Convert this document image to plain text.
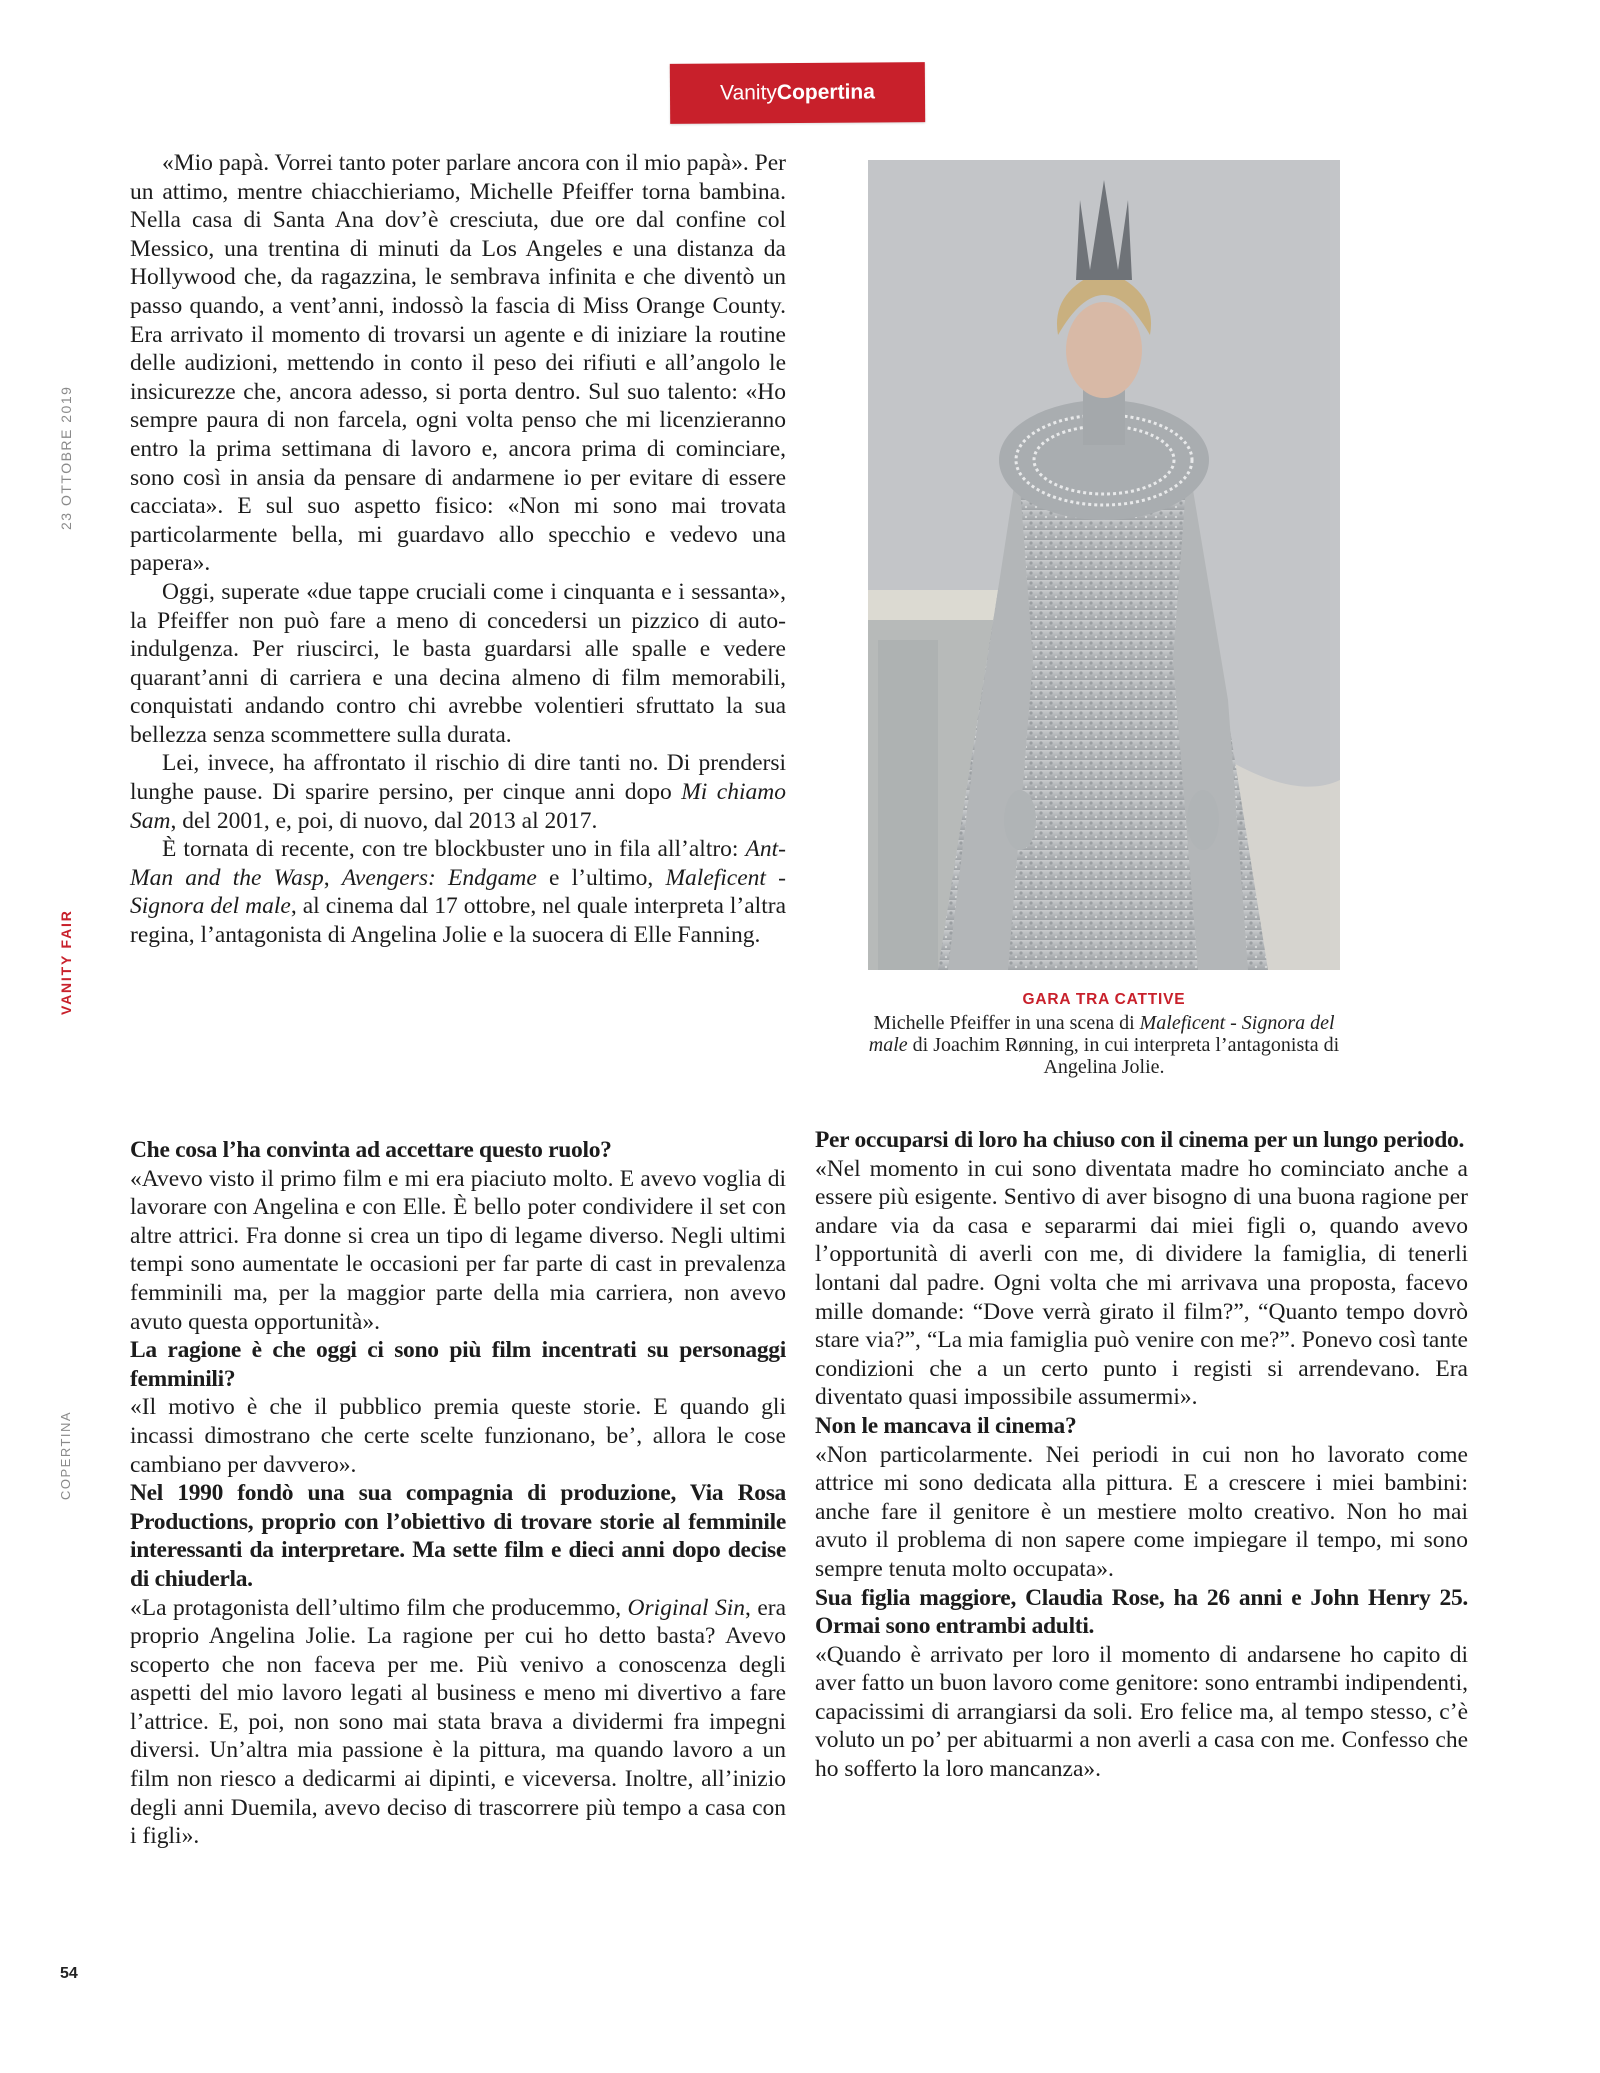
Vanity Copertina
23 OTTOBRE 2019
VANITY FAIR
COPERTINA

«Mio papà. Vorrei tanto poter parlare ancora con il mio papà». Per un attimo, mentre chiacchieriamo, Michelle Pfeiffer torna bambina. Nella casa di Santa Ana dov’è cresciuta, due ore dal confine col Messico, una trentina di minuti da Los Angeles e una distanza da Hollywood che, da ragazzina, le sembrava infinita e che diventò un passo quando, a vent’anni, indossò la fascia di Miss Orange County. Era arrivato il momento di trovarsi un agente e di iniziare la routine delle audizioni, mettendo in conto il peso dei rifiuti e all’angolo le insicurezze che, ancora adesso, si porta dentro. Sul suo talento: «Ho sempre paura di non farcela, ogni volta penso che mi licenzieranno entro la prima settimana di lavoro e, ancora prima di cominciare, sono così in ansia da pensare di andarmene io per evitare di essere cacciata». E sul suo aspetto fisico: «Non mi sono mai trovata particolarmente bella, mi guardavo allo specchio e vedevo una papera».

Oggi, superate «due tappe cruciali come i cinquanta e i sessanta», la Pfeiffer non può fare a meno di concedersi un pizzico di auto-indulgenza. Per riuscirci, le basta guardarsi alle spalle e vedere quarant’anni di carriera e una decina almeno di film memorabili, conquistati andando contro chi avrebbe volentieri sfruttato la sua bellezza senza scommettere sulla durata.

Lei, invece, ha affrontato il rischio di dire tanti no. Di prendersi lunghe pause. Di sparire persino, per cinque anni dopo Mi chiamo Sam, del 2001, e, poi, di nuovo, dal 2013 al 2017.

È tornata di recente, con tre blockbuster uno in fila all’altro: Ant-Man and the Wasp, Avengers: Endgame e l’ultimo, Maleficent - Signora del male, al cinema dal 17 ottobre, nel quale interpreta l’altra regina, l’antagonista di Angelina Jolie e la suocera di Elle Fanning.

GARA TRA CATTIVE
Michelle Pfeiffer in una scena di Maleficent - Signora del male di Joachim Rønning, in cui interpreta l’antagonista di Angelina Jolie.

Che cosa l’ha convinta ad accettare questo ruolo?

«Avevo visto il primo film e mi era piaciuto molto. E avevo voglia di lavorare con Angelina e con Elle. È bello poter condividere il set con altre attrici. Fra donne si crea un tipo di legame diverso. Negli ultimi tempi sono aumentate le occasioni per far parte di cast in prevalenza femminili ma, per la maggior parte della mia carriera, non avevo avuto questa opportunità».

La ragione è che oggi ci sono più film incentrati su personaggi femminili?

«Il motivo è che il pubblico premia queste storie. E quando gli incassi dimostrano che certe scelte funzionano, be’, allora le cose cambiano per davvero».

Nel 1990 fondò una sua compagnia di produzione, Via Rosa Productions, proprio con l’obiettivo di trovare storie al femminile interessanti da interpretare. Ma sette film e dieci anni dopo decise di chiuderla.

«La protagonista dell’ultimo film che producemmo, Original Sin, era proprio Angelina Jolie. La ragione per cui ho detto basta? Avevo scoperto che non faceva per me. Più venivo a conoscenza degli aspetti del mio lavoro legati al business e meno mi divertivo a fare l’attrice. E, poi, non sono mai stata brava a dividermi fra impegni diversi. Un’altra mia passione è la pittura, ma quando lavoro a un film non riesco a dedicarmi ai dipinti, e viceversa. Inoltre, all’inizio degli anni Duemila, avevo deciso di trascorrere più tempo a casa con i figli».

Per occuparsi di loro ha chiuso con il cinema per un lungo periodo.

«Nel momento in cui sono diventata madre ho cominciato anche a essere più esigente. Sentivo di aver bisogno di una buona ragione per andare via da casa e separarmi dai miei figli o, quando avevo l’opportunità di averli con me, di dividere la famiglia, di tenerli lontani dal padre. Ogni volta che mi arrivava una proposta, facevo mille domande: “Dove verrà girato il film?”, “Quanto tempo dovrò stare via?”, “La mia famiglia può venire con me?”. Ponevo così tante condizioni che a un certo punto i registi si arrendevano. Era diventato quasi impossibile assumermi».

Non le mancava il cinema?

«Non particolarmente. Nei periodi in cui non ho lavorato come attrice mi sono dedicata alla pittura. E a crescere i miei bambini: anche fare il genitore è un mestiere molto creativo. Non ho mai avuto il problema di non sapere come impiegare il tempo, mi sono sempre tenuta molto occupata».

Sua figlia maggiore, Claudia Rose, ha 26 anni e John Henry 25. Ormai sono entrambi adulti.

«Quando è arrivato per loro il momento di andarsene ho capito di aver fatto un buon lavoro come genitore: sono entrambi indipendenti, capacissimi di arrangiarsi da soli. Ero felice ma, al tempo stesso, c’è voluto un po’ per abituarmi a non averli a casa con me. Confesso che ho sofferto la loro mancanza».

54
